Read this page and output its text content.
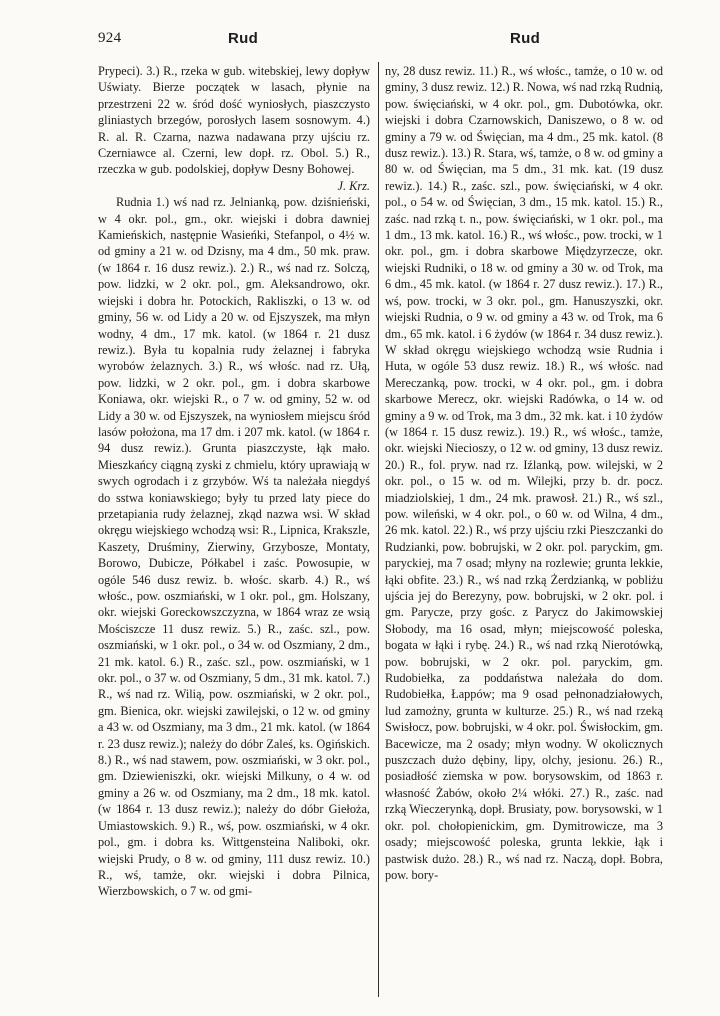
924	Rud	Rud

Prypeci). 3.) R., rzeka w gub. witebskiej, lewy dopływ Uświaty. Bierze początek w lasach, płynie na przestrzeni 22 w. śród dość wyniosłych, piaszczysto gliniastych brzegów, porosłych lasem sosnowym. 4.) R. al. R. Czarna, nazwa nadawana przy ujściu rz. Czerniawce al. Czerni, lew dopł. rz. Obol. 5.) R., rzeczka w gub. podolskiej, dopływ Desny Bohowej.

J. Krz.

Rudnia 1.) wś nad rz. Jelnianką, pow. dziśnieński, w 4 okr. pol., gm., okr. wiejski i dobra dawniej Kamieńskich, następnie Wasieńki, Stefanpol, o 4½ w. od gminy a 21 w. od Dzisny, ma 4 dm., 50 mk. praw. (w 1864 r. 16 dusz rewiz.). 2.) R., wś nad rz. Solczą, pow. lidzki, w 2 okr. pol., gm. Aleksandrowo, okr. wiejski i dobra hr. Potockich, Rakliszki, o 13 w. od gminy, 56 w. od Lidy a 20 w. od Ejszyszek, ma młyn wodny, 4 dm., 17 mk. katol. (w 1864 r. 21 dusz rewiz.). Była tu kopalnia rudy żelaznej i fabryka wyrobów żelaznych. 3.) R., wś włośc. nad rz. Ułą, pow. lidzki, w 2 okr. pol., gm. i dobra skarbowe Koniawa, okr. wiejski R., o 7 w. od gminy, 52 w. od Lidy a 30 w. od Ejszyszek, na wyniosłem miejscu śród lasów położona, ma 17 dm. i 207 mk. katol. (w 1864 r. 94 dusz rewiz.). Grunta piaszczyste, łąk mało. Mieszkańcy ciągną zyski z chmielu, który uprawiają w swych ogrodach i z grzybów. Wś ta należała niegdyś do sstwa koniawskiego; były tu przed laty piece do przetapiania rudy żelaznej, zkąd nazwa wsi. W skład okręgu wiejskiego wchodzą wsi: R., Lipnica, Krakszle, Kaszety, Druśminy, Zierwiny, Grzybosze, Montaty, Borowo, Dubicze, Półkabel i zaśc. Powosupie, w ogóle 546 dusz rewiz. b. włośc. skarb. 4.) R., wś włośc., pow. oszmiański, w 1 okr. pol., gm. Holszany, okr. wiejski Goreckowszczyzna, w 1864 wraz ze wsią Mościszcze 11 dusz rewiz. 5.) R., zaśc. szl., pow. oszmiański, w 1 okr. pol., o 34 w. od Oszmiany, 2 dm., 21 mk. katol. 6.) R., zaśc. szl., pow. oszmiański, w 1 okr. pol., o 37 w. od Oszmiany, 5 dm., 31 mk. katol. 7.) R., wś nad rz. Wilią, pow. oszmiański, w 2 okr. pol., gm. Bienica, okr. wiejski zawilejski, o 12 w. od gminy a 43 w. od Oszmiany, ma 3 dm., 21 mk. katol. (w 1864 r. 23 dusz rewiz.); należy do dóbr Zaleś, ks. Ogińskich. 8.) R., wś nad stawem, pow. oszmiański, w 3 okr. pol., gm. Dziewieniszki, okr. wiejski Milkuny, o 4 w. od gminy a 26 w. od Oszmiany, ma 2 dm., 18 mk. katol. (w 1864 r. 13 dusz rewiz.); należy do dóbr Giełoża, Umiastowskich. 9.) R., wś, pow. oszmiański, w 4 okr. pol., gm. i dobra ks. Wittgensteina Naliboki, okr. wiejski Prudy, o 8 w. od gminy, 111 dusz rewiz. 10.) R., wś, tamże, okr. wiejski i dobra Pilnica, Wierzbowskich, o 7 w. od gmi-

ny, 28 dusz rewiz. 11.) R., wś włośc., tamże, o 10 w. od gminy, 3 dusz rewiz. 12.) R. Nowa, wś nad rzką Rudnią, pow. święciański, w 4 okr. pol., gm. Dubotówka, okr. wiejski i dobra Czarnowskich, Daniszewo, o 8 w. od gminy a 79 w. od Święcian, ma 4 dm., 25 mk. katol. (8 dusz rewiz.). 13.) R. Stara, wś, tamże, o 8 w. od gminy a 80 w. od Święcian, ma 5 dm., 31 mk. kat. (19 dusz rewiz.). 14.) R., zaśc. szl., pow. święciański, w 4 okr. pol., o 54 w. od Święcian, 3 dm., 15 mk. katol. 15.) R., zaśc. nad rzką t. n., pow. święciański, w 1 okr. pol., ma 1 dm., 13 mk. katol. 16.) R., wś włośc., pow. trocki, w 1 okr. pol., gm. i dobra skarbowe Międzyrzecze, okr. wiejski Rudniki, o 18 w. od gminy a 30 w. od Trok, ma 6 dm., 45 mk. katol. (w 1864 r. 27 dusz rewiz.). 17.) R., wś, pow. trocki, w 3 okr. pol., gm. Hanuszyszki, okr. wiejski Rudnia, o 9 w. od gminy a 43 w. od Trok, ma 6 dm., 65 mk. katol. i 6 żydów (w 1864 r. 34 dusz rewiz.). W skład okręgu wiejskiego wchodzą wsie Rudnia i Huta, w ogóle 53 dusz rewiz. 18.) R., wś włośc. nad Mereczanką, pow. trocki, w 4 okr. pol., gm. i dobra skarbowe Merecz, okr. wiejski Radówka, o 14 w. od gminy a 9 w. od Trok, ma 3 dm., 32 mk. kat. i 10 żydów (w 1864 r. 15 dusz rewiz.). 19.) R., wś włośc., tamże, okr. wiejski Niecioszy, o 12 w. od gminy, 13 dusz rewiz. 20.) R., fol. pryw. nad rz. Iźlanką, pow. wilejski, w 2 okr. pol., o 15 w. od m. Wilejki, przy b. dr. pocz. miadziolskiej, 1 dm., 24 mk. prawosł. 21.) R., wś szl., pow. wileński, w 4 okr. pol., o 60 w. od Wilna, 4 dm., 26 mk. katol. 22.) R., wś przy ujściu rzki Pieszczanki do Rudzianki, pow. bobrujski, w 2 okr. pol. paryckim, gm. paryckiej, ma 7 osad; młyny na rozlewie; grunta lekkie, łąki obfite. 23.) R., wś nad rzką Żerdzianką, w pobliżu ujścia jej do Berezyny, pow. bobrujski, w 2 okr. pol. i gm. Parycze, przy gośc. z Parycz do Jakimowskiej Słobody, ma 16 osad, młyn; miejscowość poleska, bogata w łąki i rybę. 24.) R., wś nad rzką Nierotówką, pow. bobrujski, w 2 okr. pol. paryckim, gm. Rudobiełka, za poddaństwa należała do dom. Rudobiełka, Łappów; ma 9 osad pełnonadziałowych, lud zamożny, grunta w kulturze. 25.) R., wś nad rzeką Swisłocz, pow. bobrujski, w 4 okr. pol. Świsłockim, gm. Bacewicze, ma 2 osady; młyn wodny. W okolicznych puszczach dużo dębiny, lipy, olchy, jesionu. 26.) R., posiadłość ziemska w pow. borysowskim, od 1863 r. własność Żabów, około 2¼ włóki. 27.) R., zaśc. nad rzką Wieczerynką, dopł. Brusiaty, pow. borysowski, w 1 okr. pol. chołopienickim, gm. Dymitrowicze, ma 3 osady; miejscowość poleska, grunta lekkie, łąk i pastwisk dużo. 28.) R., wś nad rz. Naczą, dopł. Bobra, pow. bory-
